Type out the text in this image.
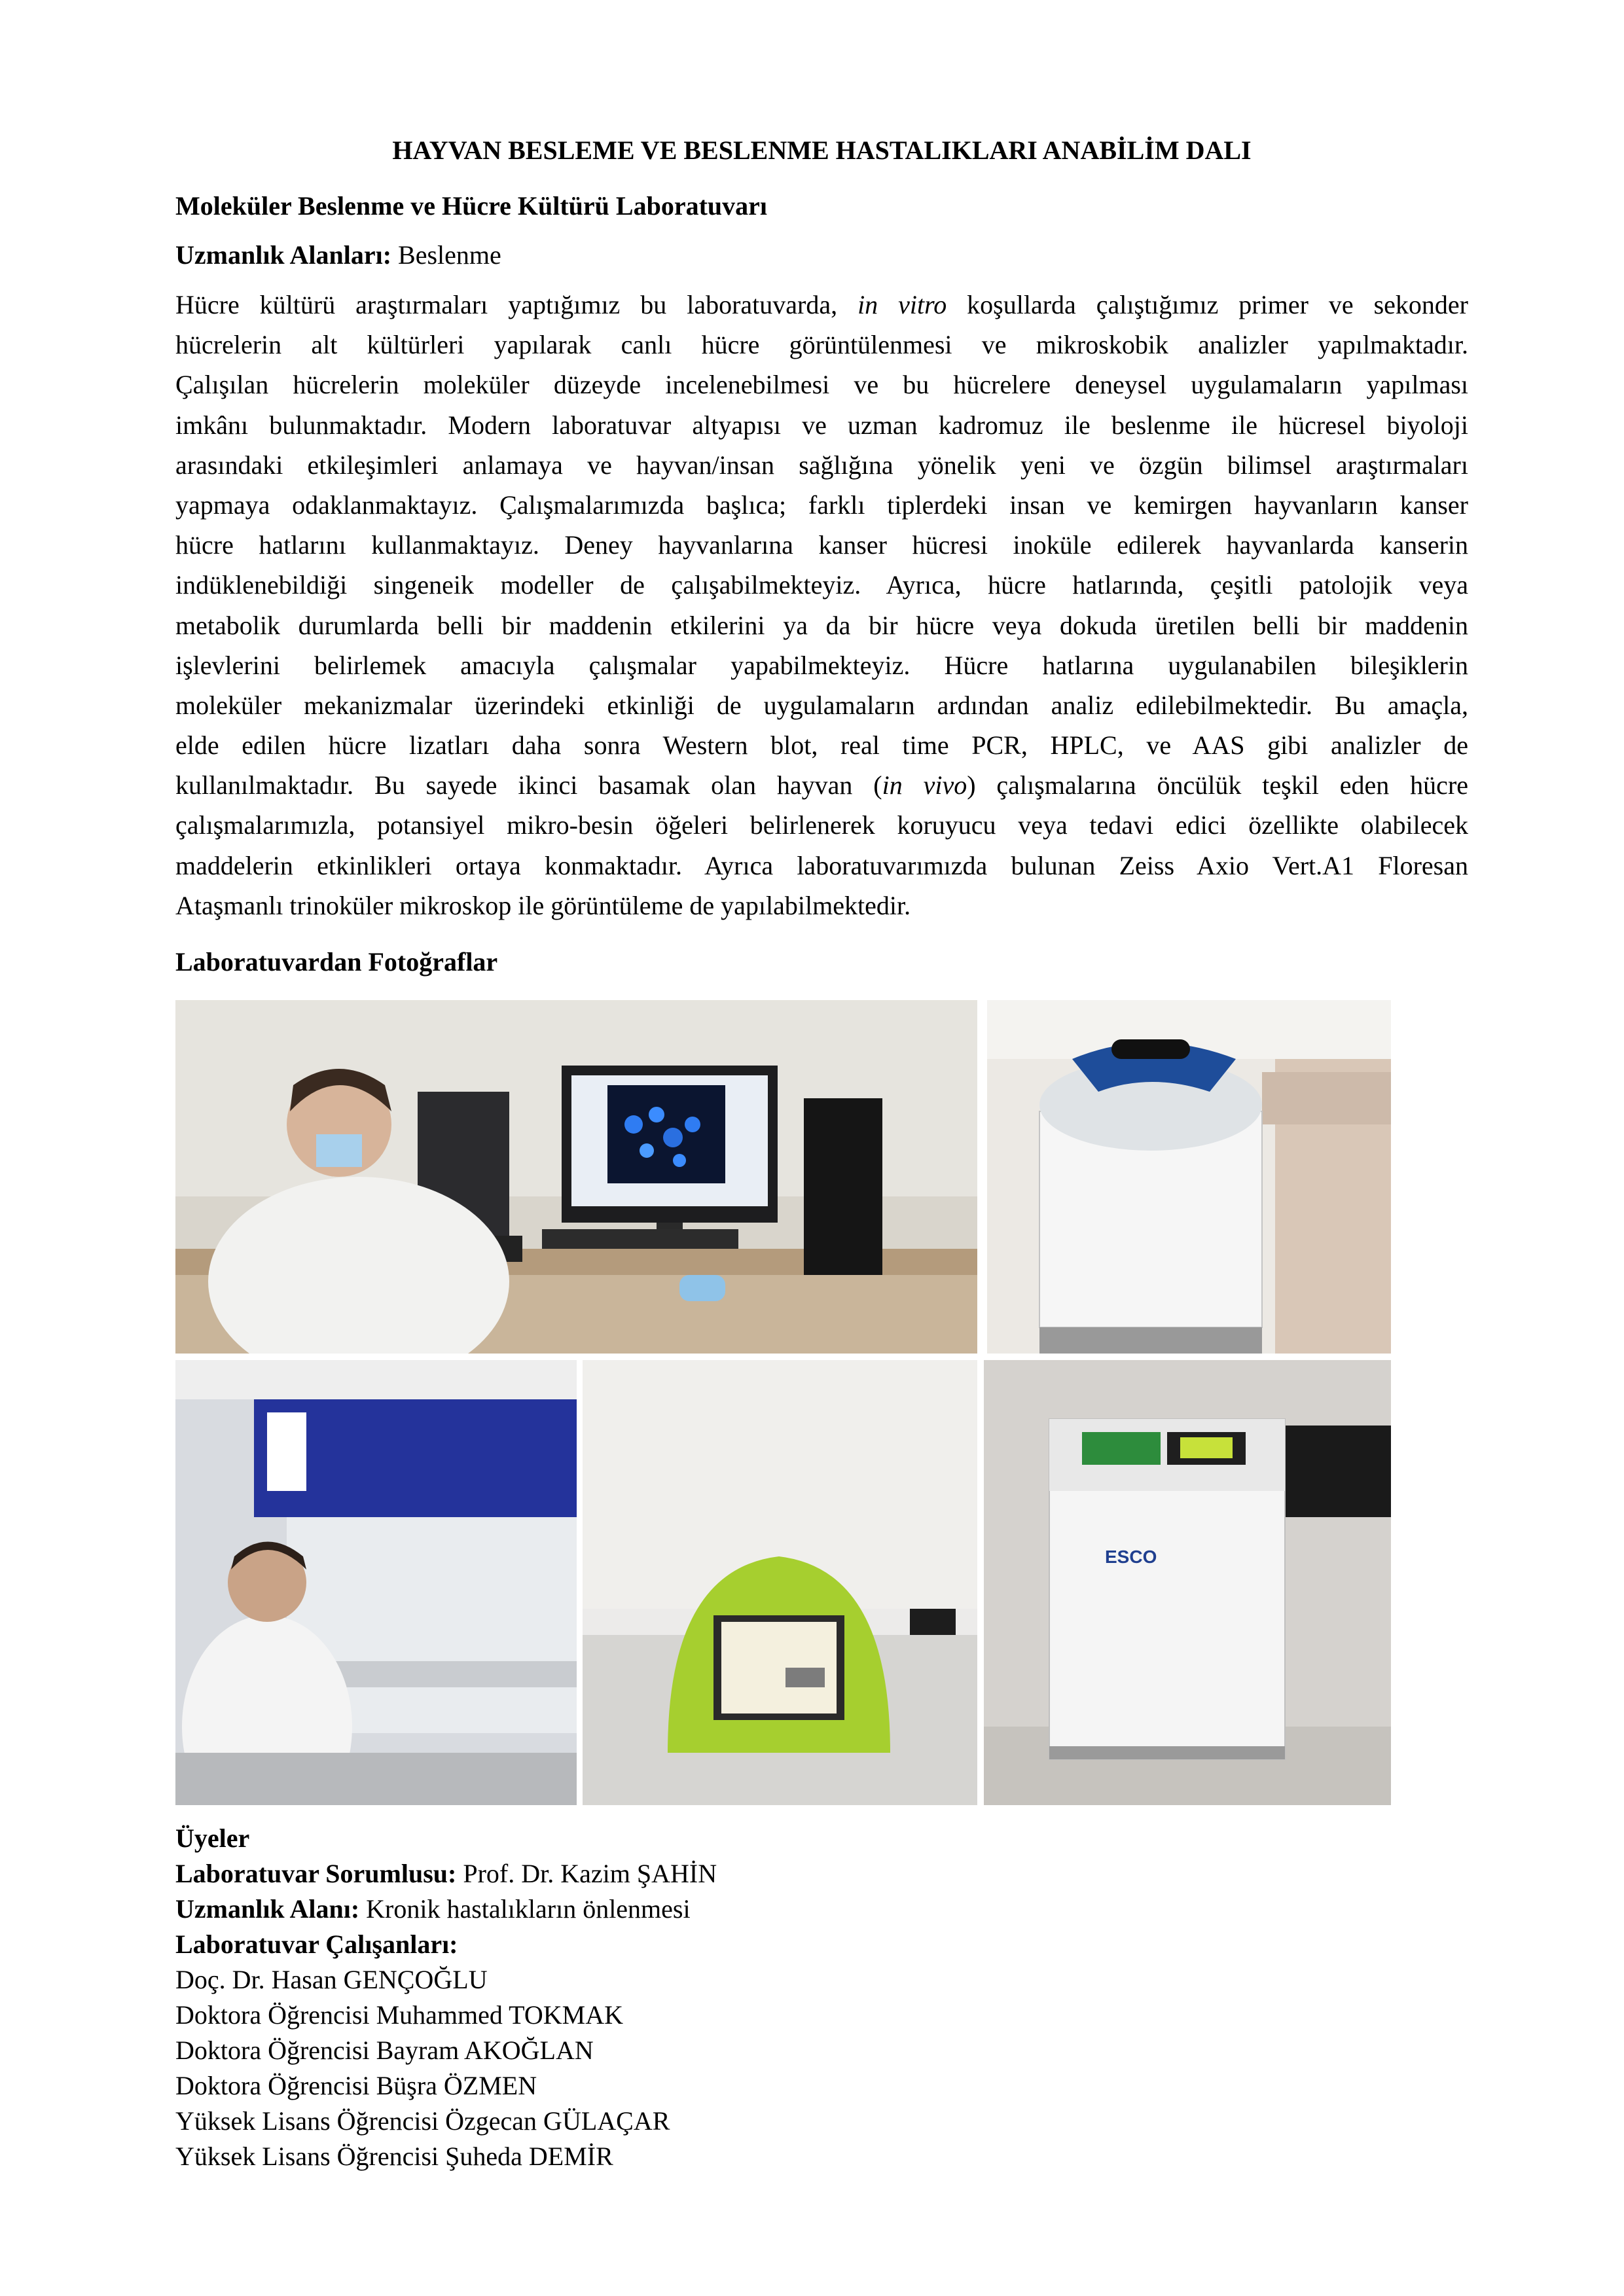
HAYVAN BESLEME VE BESLENME HASTALIKLARI ANABİLİM DALI
Moleküler Beslenme ve Hücre Kültürü Laboratuvarı
Uzmanlık Alanları: Beslenme
Hücre kültürü araştırmaları yaptığımız bu laboratuvarda, in vitro koşullarda çalıştığımız primer ve sekonder
hücrelerin alt kültürleri yapılarak canlı hücre görüntülenmesi ve mikroskobik analizler yapılmaktadır.
Çalışılan hücrelerin moleküler düzeyde incelenebilmesi ve bu hücrelere deneysel uygulamaların yapılması
imkânı bulunmaktadır. Modern laboratuvar altyapısı ve uzman kadromuz ile beslenme ile hücresel biyoloji
arasındaki etkileşimleri anlamaya ve hayvan/insan sağlığına yönelik yeni ve özgün bilimsel araştırmaları
yapmaya odaklanmaktayız. Çalışmalarımızda başlıca; farklı tiplerdeki insan ve kemirgen hayvanların kanser
hücre hatlarını kullanmaktayız. Deney hayvanlarına kanser hücresi inoküle edilerek hayvanlarda kanserin
indüklenebildiği singeneik modeller de çalışabilmekteyiz. Ayrıca, hücre hatlarında, çeşitli patolojik veya
metabolik durumlarda belli bir maddenin etkilerini ya da bir hücre veya dokuda üretilen belli bir maddenin
işlevlerini belirlemek amacıyla çalışmalar yapabilmekteyiz. Hücre hatlarına uygulanabilen bileşiklerin
moleküler mekanizmalar üzerindeki etkinliği de uygulamaların ardından analiz edilebilmektedir. Bu amaçla,
elde edilen hücre lizatları daha sonra Western blot, real time PCR, HPLC, ve AAS gibi analizler de
kullanılmaktadır. Bu sayede ikinci basamak olan hayvan (in vivo) çalışmalarına öncülük teşkil eden hücre
çalışmalarımızla, potansiyel mikro-besin öğeleri belirlenerek koruyucu veya tedavi edici özellikte olabilecek
maddelerin etkinlikleri ortaya konmaktadır. Ayrıca laboratuvarımızda bulunan Zeiss Axio Vert.A1 Floresan
Ataşmanlı trinoküler mikroskop ile görüntüleme de yapılabilmektedir.
Laboratuvardan Fotoğraflar
ESCO
Üyeler
Laboratuvar Sorumlusu: Prof. Dr. Kazim ŞAHİN
Uzmanlık Alanı: Kronik hastalıkların önlenmesi
Laboratuvar Çalışanları:
Doç. Dr. Hasan GENÇOĞLU
Doktora Öğrencisi Muhammed TOKMAK
Doktora Öğrencisi Bayram AKOĞLAN
Doktora Öğrencisi Büşra ÖZMEN
Yüksek Lisans Öğrencisi Özgecan GÜLAÇAR
Yüksek Lisans Öğrencisi Şuheda DEMİR
